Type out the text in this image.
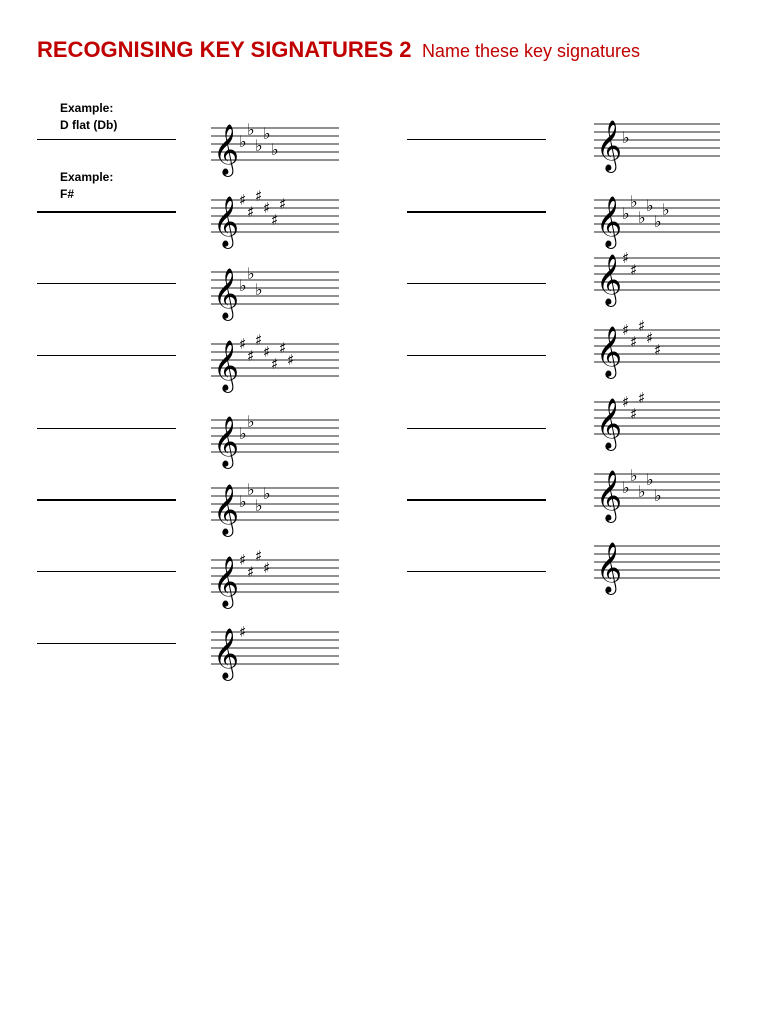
RECOGNISING KEY SIGNATURES 2 Name these key signatures
Example:
D flat (Db)
Example:
F#
𝄞 ♭
♭
♭
♭
♭
𝄞 ♯
♯
♯
♯
♯
♯
𝄞 ♭
♭
♭
𝄞 ♯
♯
♯
♯
♯
♯
♯
𝄞 ♭
♭
𝄞 ♭
♭
♭
♭
𝄞 ♯
♯
♯
♯
𝄞 ♯
𝄞 ♭
𝄞 ♭
♭
♭
♭
♭
♭
𝄞 ♯
♯
𝄞 ♯
♯
♯
♯
♯
𝄞 ♯
♯
♯
𝄞 ♭
♭
♭
♭
♭
𝄞
